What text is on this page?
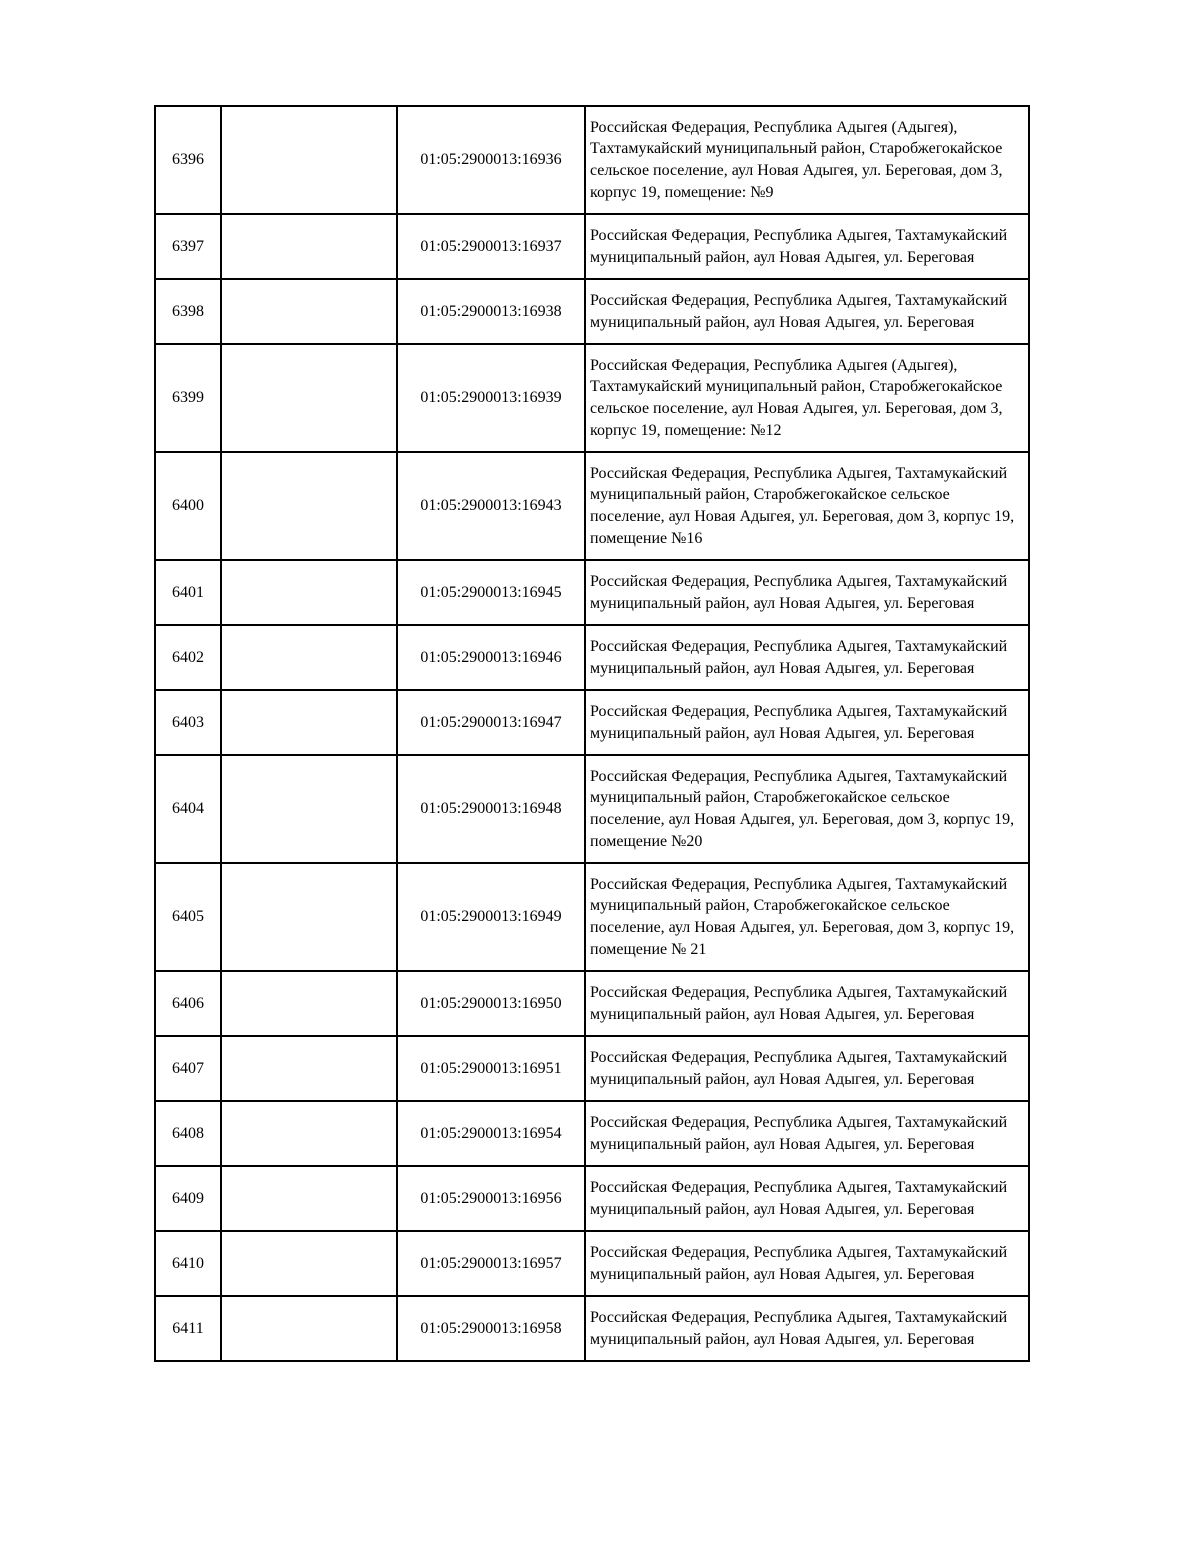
6396		01:05:2900013:16936	Российская Федерация, Республика Адыгея (Адыгея), Тахтамукайский муниципальный район, Старобжегокайское сельское поселение, аул Новая Адыгея, ул. Береговая, дом 3, корпус 19, помещение: №9
6397		01:05:2900013:16937	Российская Федерация, Республика Адыгея, Тахтамукайский муниципальный район, аул Новая Адыгея, ул. Береговая
6398		01:05:2900013:16938	Российская Федерация, Республика Адыгея, Тахтамукайский муниципальный район, аул Новая Адыгея, ул. Береговая
6399		01:05:2900013:16939	Российская Федерация, Республика Адыгея (Адыгея), Тахтамукайский муниципальный район, Старобжегокайское сельское поселение, аул Новая Адыгея, ул. Береговая, дом 3, корпус 19, помещение: №12
6400		01:05:2900013:16943	Российская Федерация, Республика Адыгея, Тахтамукайский муниципальный район, Старобжегокайское сельское поселение, аул Новая Адыгея, ул. Береговая, дом 3, корпус 19, помещение №16
6401		01:05:2900013:16945	Российская Федерация, Республика Адыгея, Тахтамукайский муниципальный район, аул Новая Адыгея, ул. Береговая
6402		01:05:2900013:16946	Российская Федерация, Республика Адыгея, Тахтамукайский муниципальный район, аул Новая Адыгея, ул. Береговая
6403		01:05:2900013:16947	Российская Федерация, Республика Адыгея, Тахтамукайский муниципальный район, аул Новая Адыгея, ул. Береговая
6404		01:05:2900013:16948	Российская Федерация, Республика Адыгея, Тахтамукайский муниципальный район, Старобжегокайское сельское поселение, аул Новая Адыгея, ул. Береговая, дом 3, корпус 19, помещение №20
6405		01:05:2900013:16949	Российская Федерация, Республика Адыгея, Тахтамукайский муниципальный район, Старобжегокайское сельское поселение, аул Новая Адыгея, ул. Береговая, дом 3, корпус 19, помещение № 21
6406		01:05:2900013:16950	Российская Федерация, Республика Адыгея, Тахтамукайский муниципальный район, аул Новая Адыгея, ул. Береговая
6407		01:05:2900013:16951	Российская Федерация, Республика Адыгея, Тахтамукайский муниципальный район, аул Новая Адыгея, ул. Береговая
6408		01:05:2900013:16954	Российская Федерация, Республика Адыгея, Тахтамукайский муниципальный район, аул Новая Адыгея, ул. Береговая
6409		01:05:2900013:16956	Российская Федерация, Республика Адыгея, Тахтамукайский муниципальный район, аул Новая Адыгея, ул. Береговая
6410		01:05:2900013:16957	Российская Федерация, Республика Адыгея, Тахтамукайский муниципальный район, аул Новая Адыгея, ул. Береговая
6411		01:05:2900013:16958	Российская Федерация, Республика Адыгея, Тахтамукайский муниципальный район, аул Новая Адыгея, ул. Береговая
